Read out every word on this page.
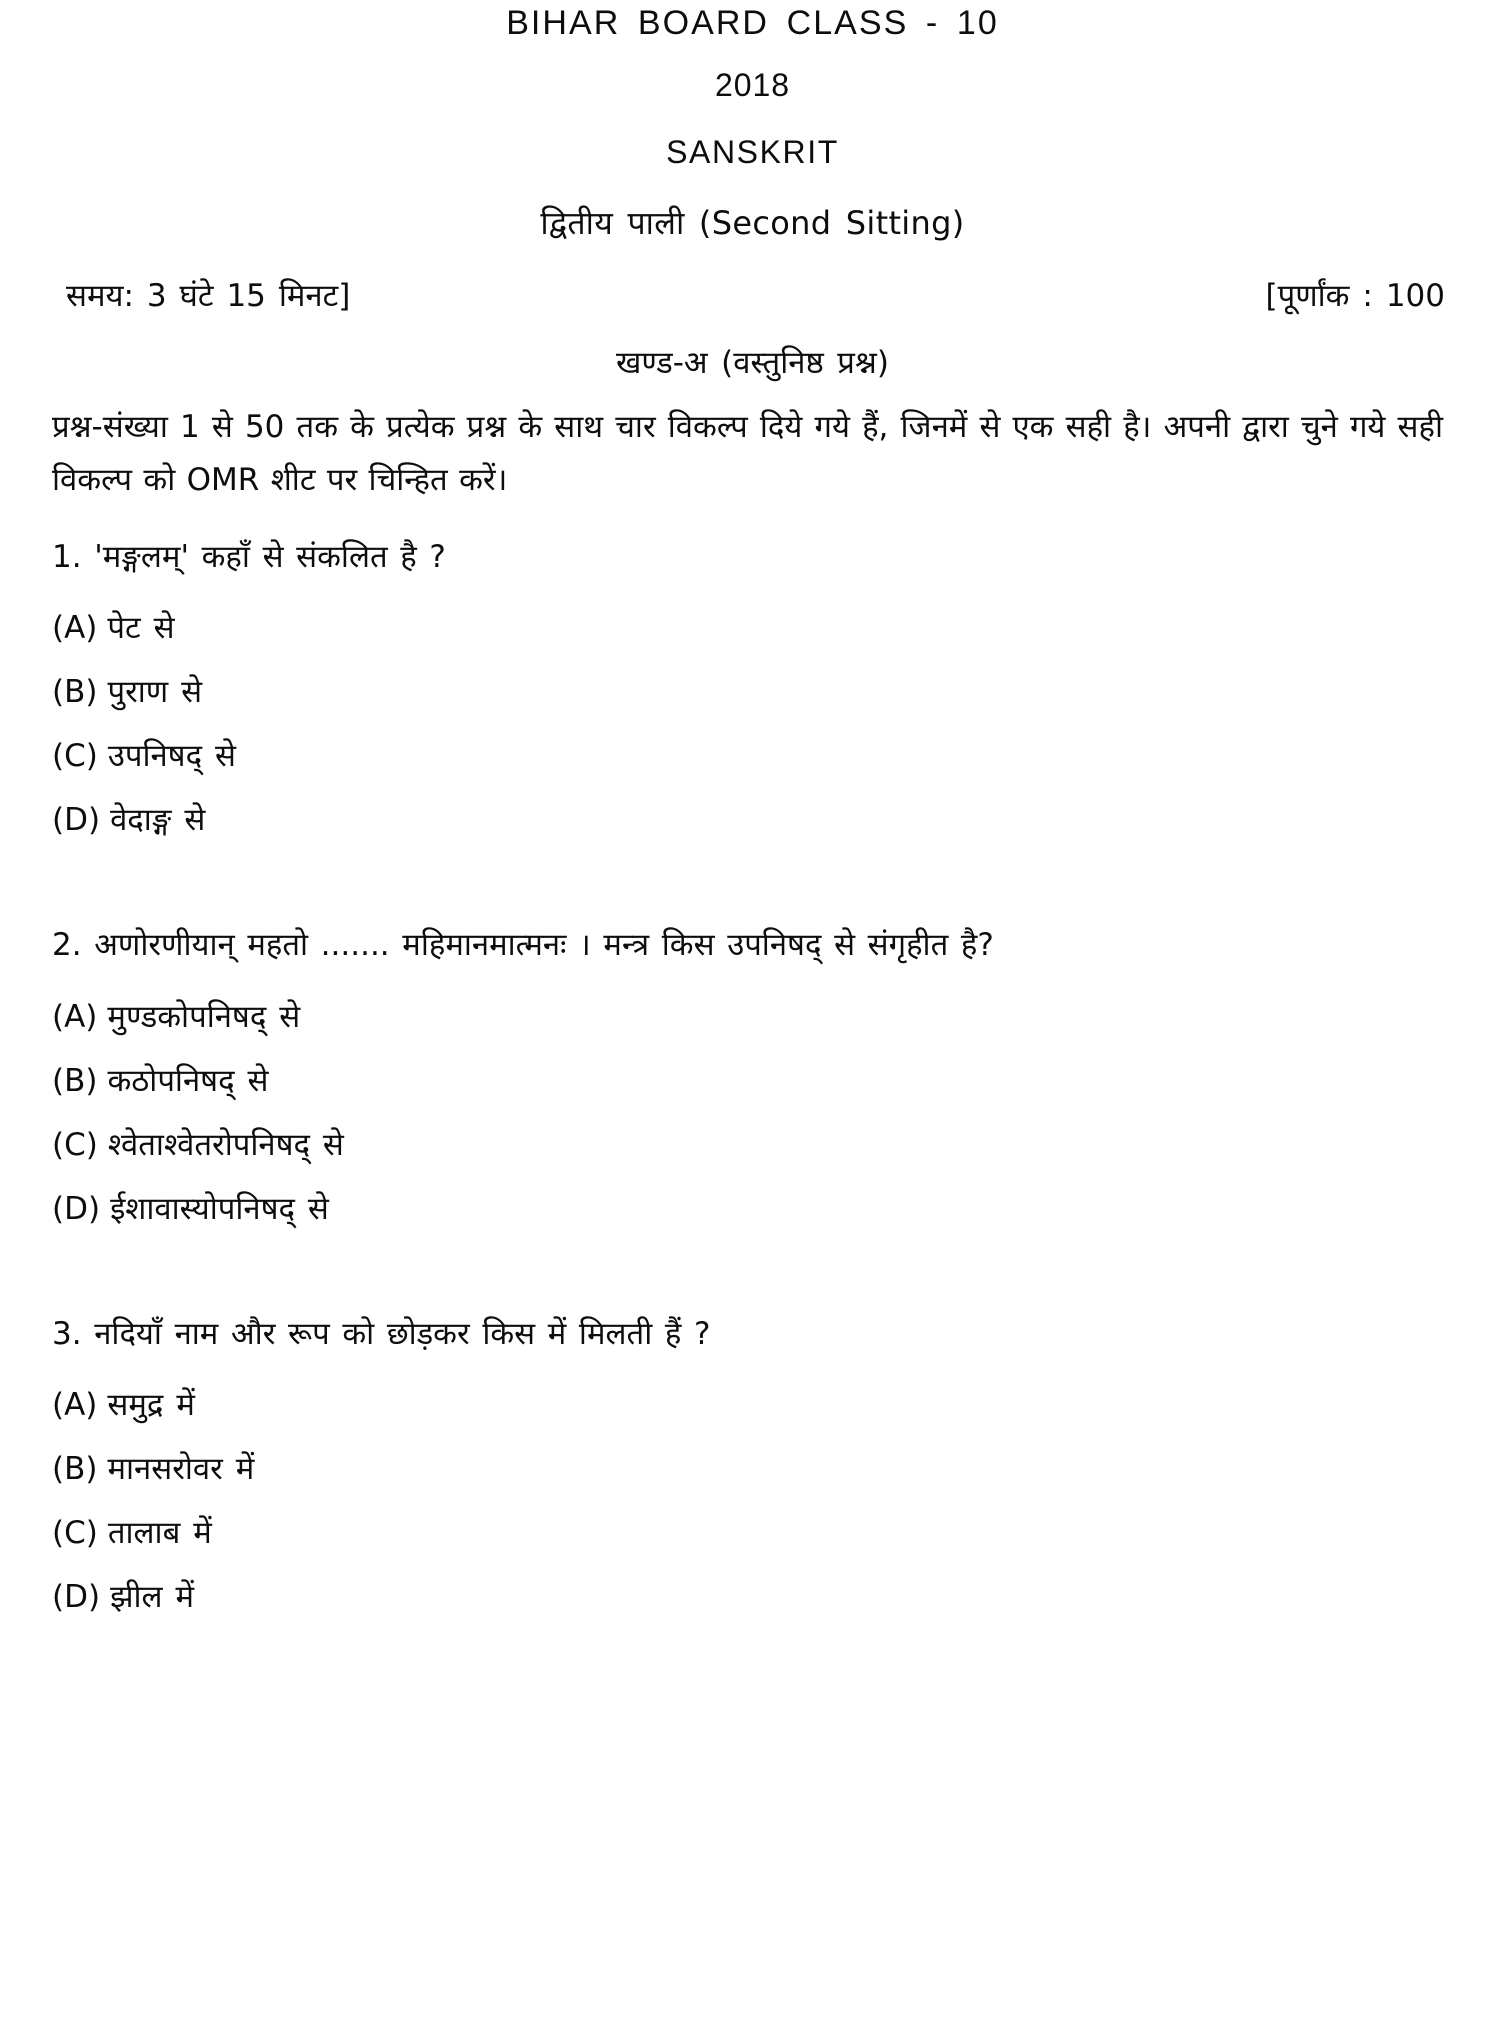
BIHAR BOARD CLASS - 10
2018
SANSKRIT
द्वितीय पाली (Second Sitting)
समय: 3 घंटे 15 मिनट]	[पूर्णांक : 100
खण्ड-अ (वस्तुनिष्ठ प्रश्न)
प्रश्न-संख्या 1 से 50 तक के प्रत्येक प्रश्न के साथ चार विकल्प दिये गये हैं, जिनमें से एक सही है। अपनी द्वारा चुने गये सही विकल्प को OMR शीट पर चिन्हित करें।
1. 'मङ्गलम्' कहाँ से संकलित है ?
(A) पेट से
(B) पुराण से
(C) उपनिषद् से
(D) वेदाङ्ग से
2. अणोरणीयान् महतो ....... महिमानमात्मनः । मन्त्र किस उपनिषद् से संगृहीत है?
(A) मुण्डकोपनिषद् से
(B) कठोपनिषद् से
(C) श्वेताश्वेतरोपनिषद् से
(D) ईशावास्योपनिषद् से
3. नदियाँ नाम और रूप को छोड़कर किस में मिलती हैं ?
(A) समुद्र में
(B) मानसरोवर में
(C) तालाब में
(D) झील में
